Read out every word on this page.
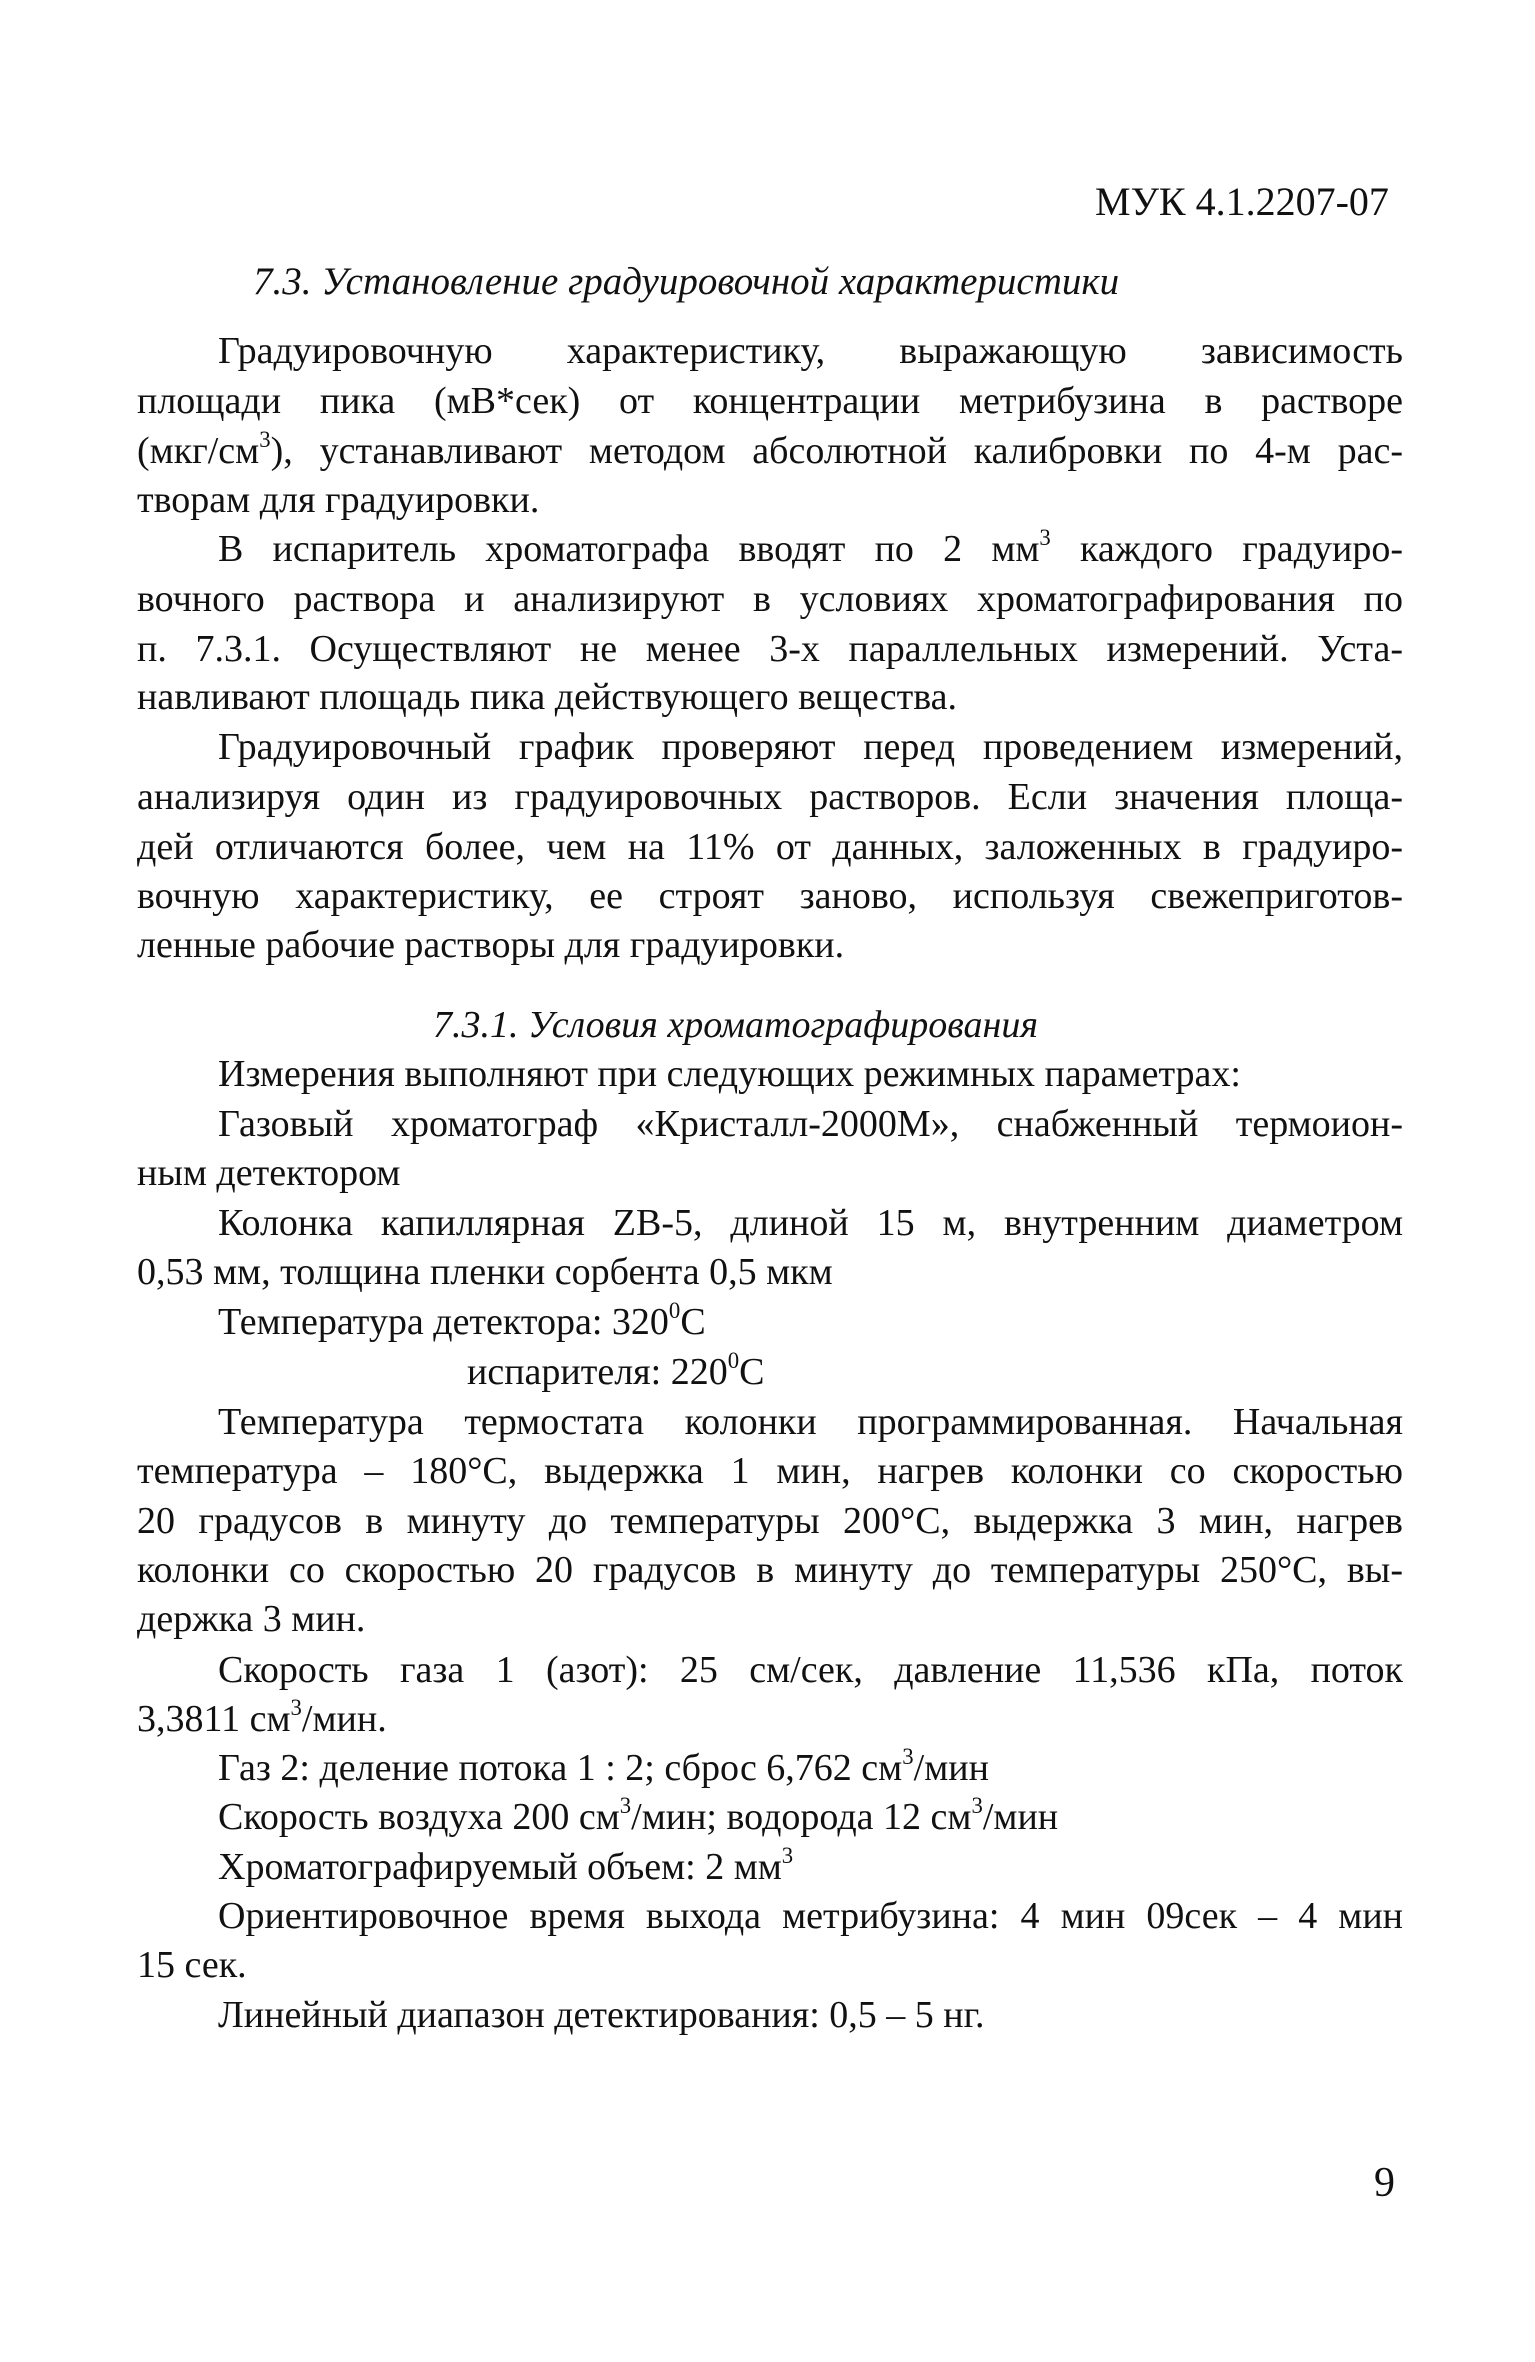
МУК 4.1.2207-07
7.3. Установление градуировочной характеристики
Градуировочную характеристику, выражающую зависимость
площади пика (мВ*сек) от концентрации метрибузина в растворе
$(мкг/см^3)$, устанавливают методом абсолютной калибровки по 4-м рас-
творам для градуировки.
В испаритель хроматографа вводят по 2 $мм^3$ каждого градуиро-
вочного раствора и анализируют в условиях хроматографирования по
п. 7.3.1. Осуществляют не менее 3-х параллельных измерений. Уста-
навливают площадь пика действующего вещества.
Градуировочный график проверяют перед проведением измерений,
анализируя один из градуировочных растворов. Если значения площа-
дей отличаются более, чем на 11% от данных, заложенных в градуиро-
вочную характеристику, ее строят заново, используя свежеприготов-
ленные рабочие растворы для градуировки.
7.3.1. Условия хроматографирования
Измерения выполняют при следующих режимных параметрах:
Газовый хроматограф «Кристалл-2000М», снабженный термоион-
ным детектором
Колонка капиллярная ZB-5, длиной 15 м, внутренним диаметром
0,53 мм, толщина пленки сорбента 0,5 мкм
Температура детектора: $320^0С$
испарителя: $220^0С$
Температура термостата колонки программированная. Начальная
температура – 180°С, выдержка 1 мин, нагрев колонки со скоростью
20 градусов в минуту до температуры 200°С, выдержка 3 мин, нагрев
колонки со скоростью 20 градусов в минуту до температуры 250°С, вы-
держка 3 мин.
Скорость газа 1 (азот): 25 см/сек, давление 11,536 кПа, поток
3,3811 $см^3$/мин.
Газ 2: деление потока 1 : 2; сброс 6,762 $см^3$/мин
Скорость воздуха 200 $см^3$/мин; водорода 12 $см^3$/мин
Хроматографируемый объем: 2 $мм^3$
Ориентировочное время выхода метрибузина: 4 мин 09сек – 4 мин
15 сек.
Линейный диапазон детектирования: 0,5 – 5 нг.
9
